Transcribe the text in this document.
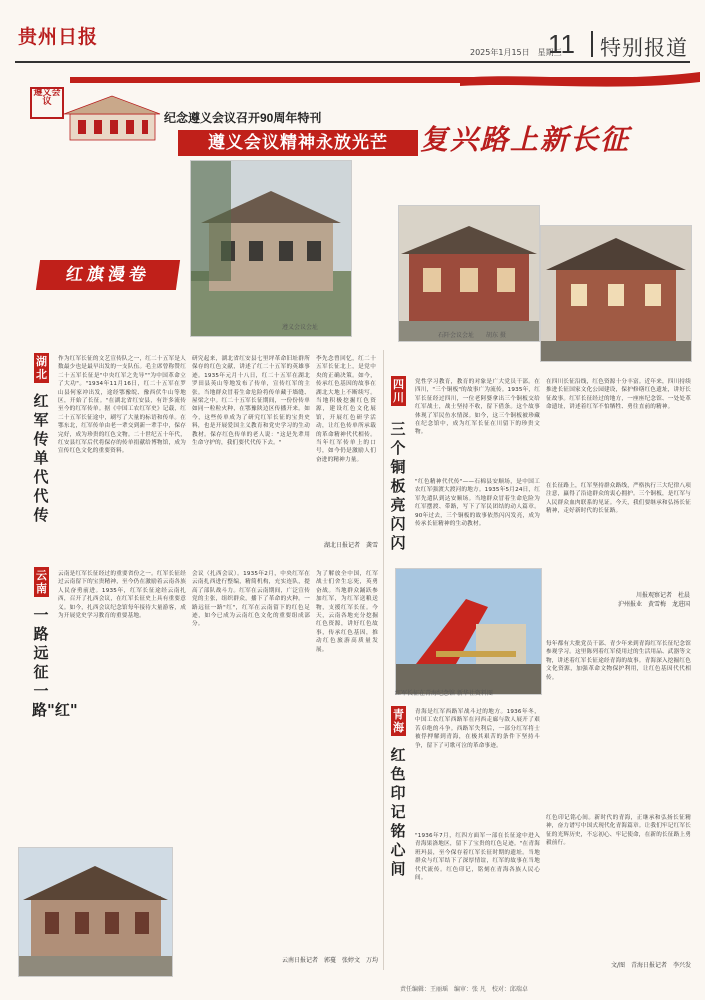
贵州日报
2025年1月15日　星期三
11 特别报道
遵义会议
纪念遵义会议召开90周年特刊
遵义会议精神永放光芒	复兴路上新长征
红旗漫卷
遵义会议会址
石阡会议会址　　胡东 摄
红军长征在青海纪念馆 新华社资料图
湖北
红军传单代代传
作为红军长征的文艺宣传队之一，红二十五军是人数最少也是最早出发的一支队伍。毛主席曾称赞红二十五军长征是"中央红军之先导""为中国革命立了大功"。"1934年11月16日，红二十五军在罗山县何家冲出发，途经鄂豫皖、豫西伏牛山等地区，开始了长征。"在湖北省红安县，有许多流传至今的红军传单。据《中国工农红军史》记载，红二十五军长征途中，刷写了大量的标语和传单。在鄂东北，红军传单由老一辈交到新一辈手中，保存完好，成为珍贵的红色文物。二十世纪五十年代，红安县红军后代将保存的传单捐献给博物馆，成为宣传红色文化的重要资料。
研究起来，湖北省红安县七里坪革命旧址群所保存的红色文献，讲述了红二十五军的英雄事迹。1935年元月十八日，红二十五军在湖北罗田县英山等地发布了传单，宣传红军的主张。当地群众冒着生命危险将传单藏于墙缝、屋梁之中。红二十五军长征期间，一份份传单如同一粒粒火种，在鄂豫陕边区传播开来。如今，这些传单成为了研究红军长征的宝贵史料，也是开展爱国主义教育和党史学习的生动教材。保存红色传单的老人说："这是先辈用生命守护的，我们要代代传下去。"
李先念曾回忆，红二十五军长征北上，是党中央的正确决策。如今，传承红色基因的故事在湖北大地上不断续写。当地积极挖掘红色资源，建设红色文化展馆，开展红色研学活动，让红色传单所承载的革命精神代代相传。当年红军传单上的口号，如今仍是激励人们奋进的精神力量。
湖北日报记者　龚雪
四川
三个铜板亮闪闪
党性学习教育，教育的对象是广大党员干部。在四川，"三个铜板"的故事广为流传。1935年，红军长征经过四川，一位老阿婆拿出三个铜板交给红军战士，战士坚持不收，留下借条。这个故事体现了军民鱼水情深。如今，这三个铜板被珍藏在纪念馆中，成为红军长征在川留下的珍贵文物。
"红色精神代代传"——石棉县安顺场，是中国工农红军强渡大渡河的地方。1935年5月24日，红军先遣队到达安顺场。当地群众冒着生命危险为红军摆渡、带路，写下了军民团结的动人篇章。90年过去，三个铜板的故事依然闪闪发亮，成为传承长征精神的生动教材。
在四川长征沿线，红色资源十分丰富。近年来，四川持续推进长征国家文化公园建设，保护修缮红色遗址，讲好长征故事。红军长征经过的地方，一座座纪念馆、一处处革命遗址，讲述着红军不怕牺牲、勇往直前的精神。
在长征路上，红军坚持群众路线，严格执行三大纪律八项注意，赢得了沿途群众的衷心拥护。三个铜板，是红军与人民群众血肉联系的见证。今天，我们要继承和弘扬长征精神，走好新时代的长征路。
川报观察记者　杜晨
沪州报业　黄雪梅　龙进国
云南
一路远征一路"红"
云南是红军长征经过的重要省份之一。红军长征经过云南留下的宝贵精神，至今仍在激励着云南各族人民奋勇前进。1935年，红军长征途经云南扎西，召开了扎西会议，在红军长征史上具有重要意义。如今，扎西会议纪念馆每年接待大量游客，成为开展党史学习教育的重要基地。
会议（扎西会议）。1935年2月，中央红军在云南扎西进行整编，精简机构，充实连队，提高了部队战斗力。红军在云南期间，广泛宣传党的主张，组织群众，播下了革命的火种。一路远征一路"红"，红军在云南留下的红色足迹，如今已成为云南红色文化的重要组成部分。
为了解放全中国，红军战士们舍生忘死，英勇奋战。当地群众踊跃参加红军，为红军送粮送物，支援红军长征。今天，云南各地充分挖掘红色资源，讲好红色故事，传承红色基因，推动红色旅游高质量发展。
云南日报记者　郭蔓　张婷文　万均
青海
红色印记铭心间
青海是红军西路军战斗过的地方。1936年冬，中国工农红军西路军在河西走廊与敌人展开了艰苦卓绝的斗争。西路军失利后，一部分红军将士被俘押解到青海，在极其艰苦的条件下坚持斗争，留下了可歌可泣的革命事迹。
"1936年7月，红四方面军一部在长征途中进入青海果洛地区，留下了宝贵的红色足迹。"在青海班玛县，至今保存着红军长征时期的遗址。当地群众与红军结下了深厚情谊，红军的故事在当地代代流传。红色印记，铭刻在青海各族人民心间。
每年都有大批党员干部、青少年来到青海红军长征纪念馆参观学习。这里陈列着红军使用过的生活用品、武器等文物，讲述着红军长征途经青海的故事。青海深入挖掘红色文化资源，加强革命文物保护利用，让红色基因代代相传。
红色印记铭心间。新时代的青海，正继承和弘扬长征精神，奋力谱写中国式现代化青海篇章。让我们牢记红军长征的光辉历史，不忘初心、牢记使命，在新的长征路上勇毅前行。
文/图　青海日报记者　李兴发
责任编辑：王丽瑶　编审：张 凡　校对：邱瑞卓
